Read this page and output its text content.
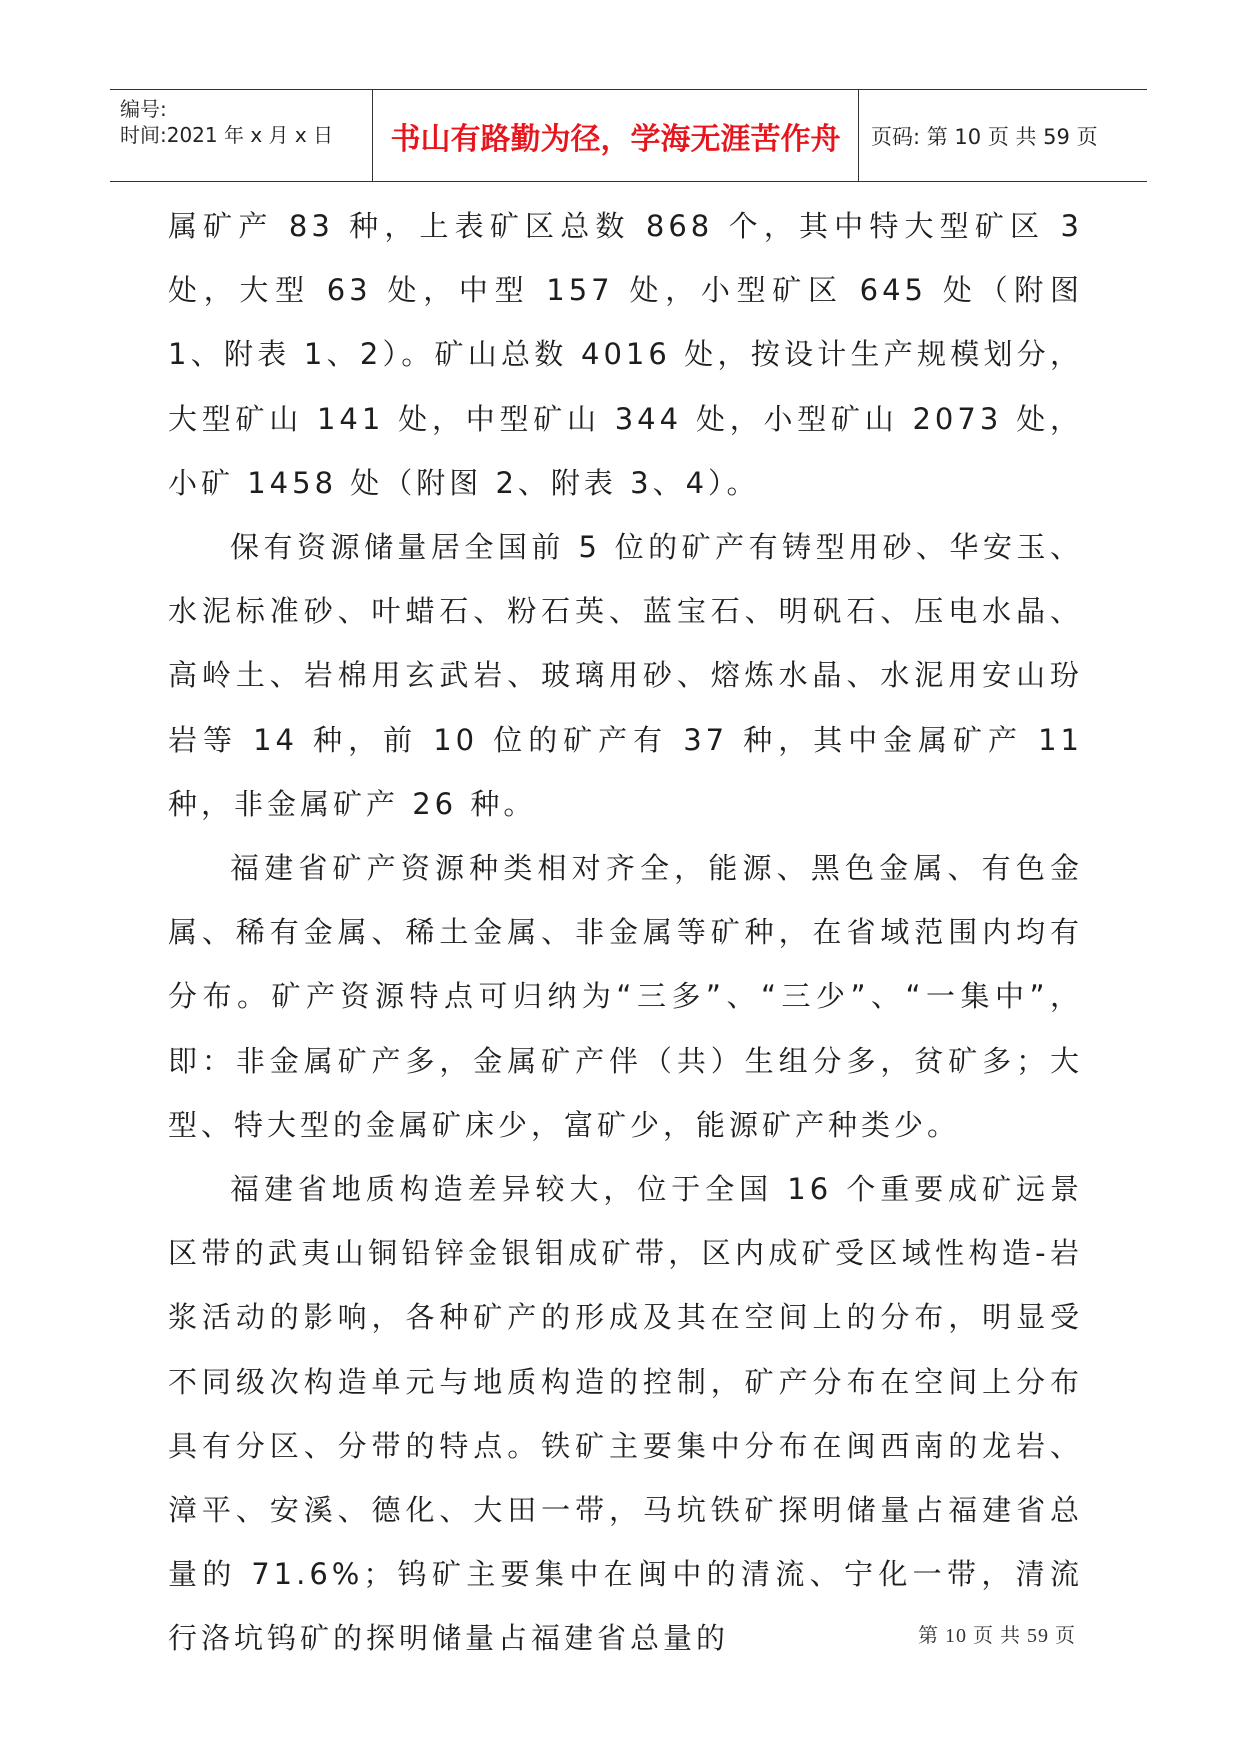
编号:
时间:2021 年 x 月 x 日	书山有路勤为径，学海无涯苦作舟 页码: 第 10 页 共 59 页

属矿产 83 种，上表矿区总数 868 个，其中特大型矿区 3 处，大型 63 处，中型 157 处，小型矿区 645 处（附图 1、附表 1、2）。矿山总数 4016 处，按设计生产规模划分，大型矿山 141 处，中型矿山 344 处，小型矿山 2073 处，小矿 1458 处（附图 2、附表 3、4）。

保有资源储量居全国前 5 位的矿产有铸型用砂、华安玉、水泥标准砂、叶蜡石、粉石英、蓝宝石、明矾石、压电水晶、高岭土、岩棉用玄武岩、玻璃用砂、熔炼水晶、水泥用安山玢岩等 14 种，前 10 位的矿产有 37 种，其中金属矿产 11 种，非金属矿产 26 种。

福建省矿产资源种类相对齐全，能源、黑色金属、有色金属、稀有金属、稀土金属、非金属等矿种，在省域范围内均有分布。矿产资源特点可归纳为“三多”、“三少”、“一集中”，即：非金属矿产多，金属矿产伴（共）生组分多，贫矿多；大型、特大型的金属矿床少，富矿少，能源矿产种类少。

福建省地质构造差异较大，位于全国 16 个重要成矿远景区带的武夷山铜铅锌金银钼成矿带，区内成矿受区域性构造-岩浆活动的影响，各种矿产的形成及其在空间上的分布，明显受不同级次构造单元与地质构造的控制，矿产分布在空间上分布具有分区、分带的特点。铁矿主要集中分布在闽西南的龙岩、漳平、安溪、德化、大田一带，马坑铁矿探明储量占福建省总量的 71.6%；钨矿主要集中在闽中的清流、宁化一带，清流行洛坑钨矿的探明储量占福建省总量的	第 10 页 共 59 页
